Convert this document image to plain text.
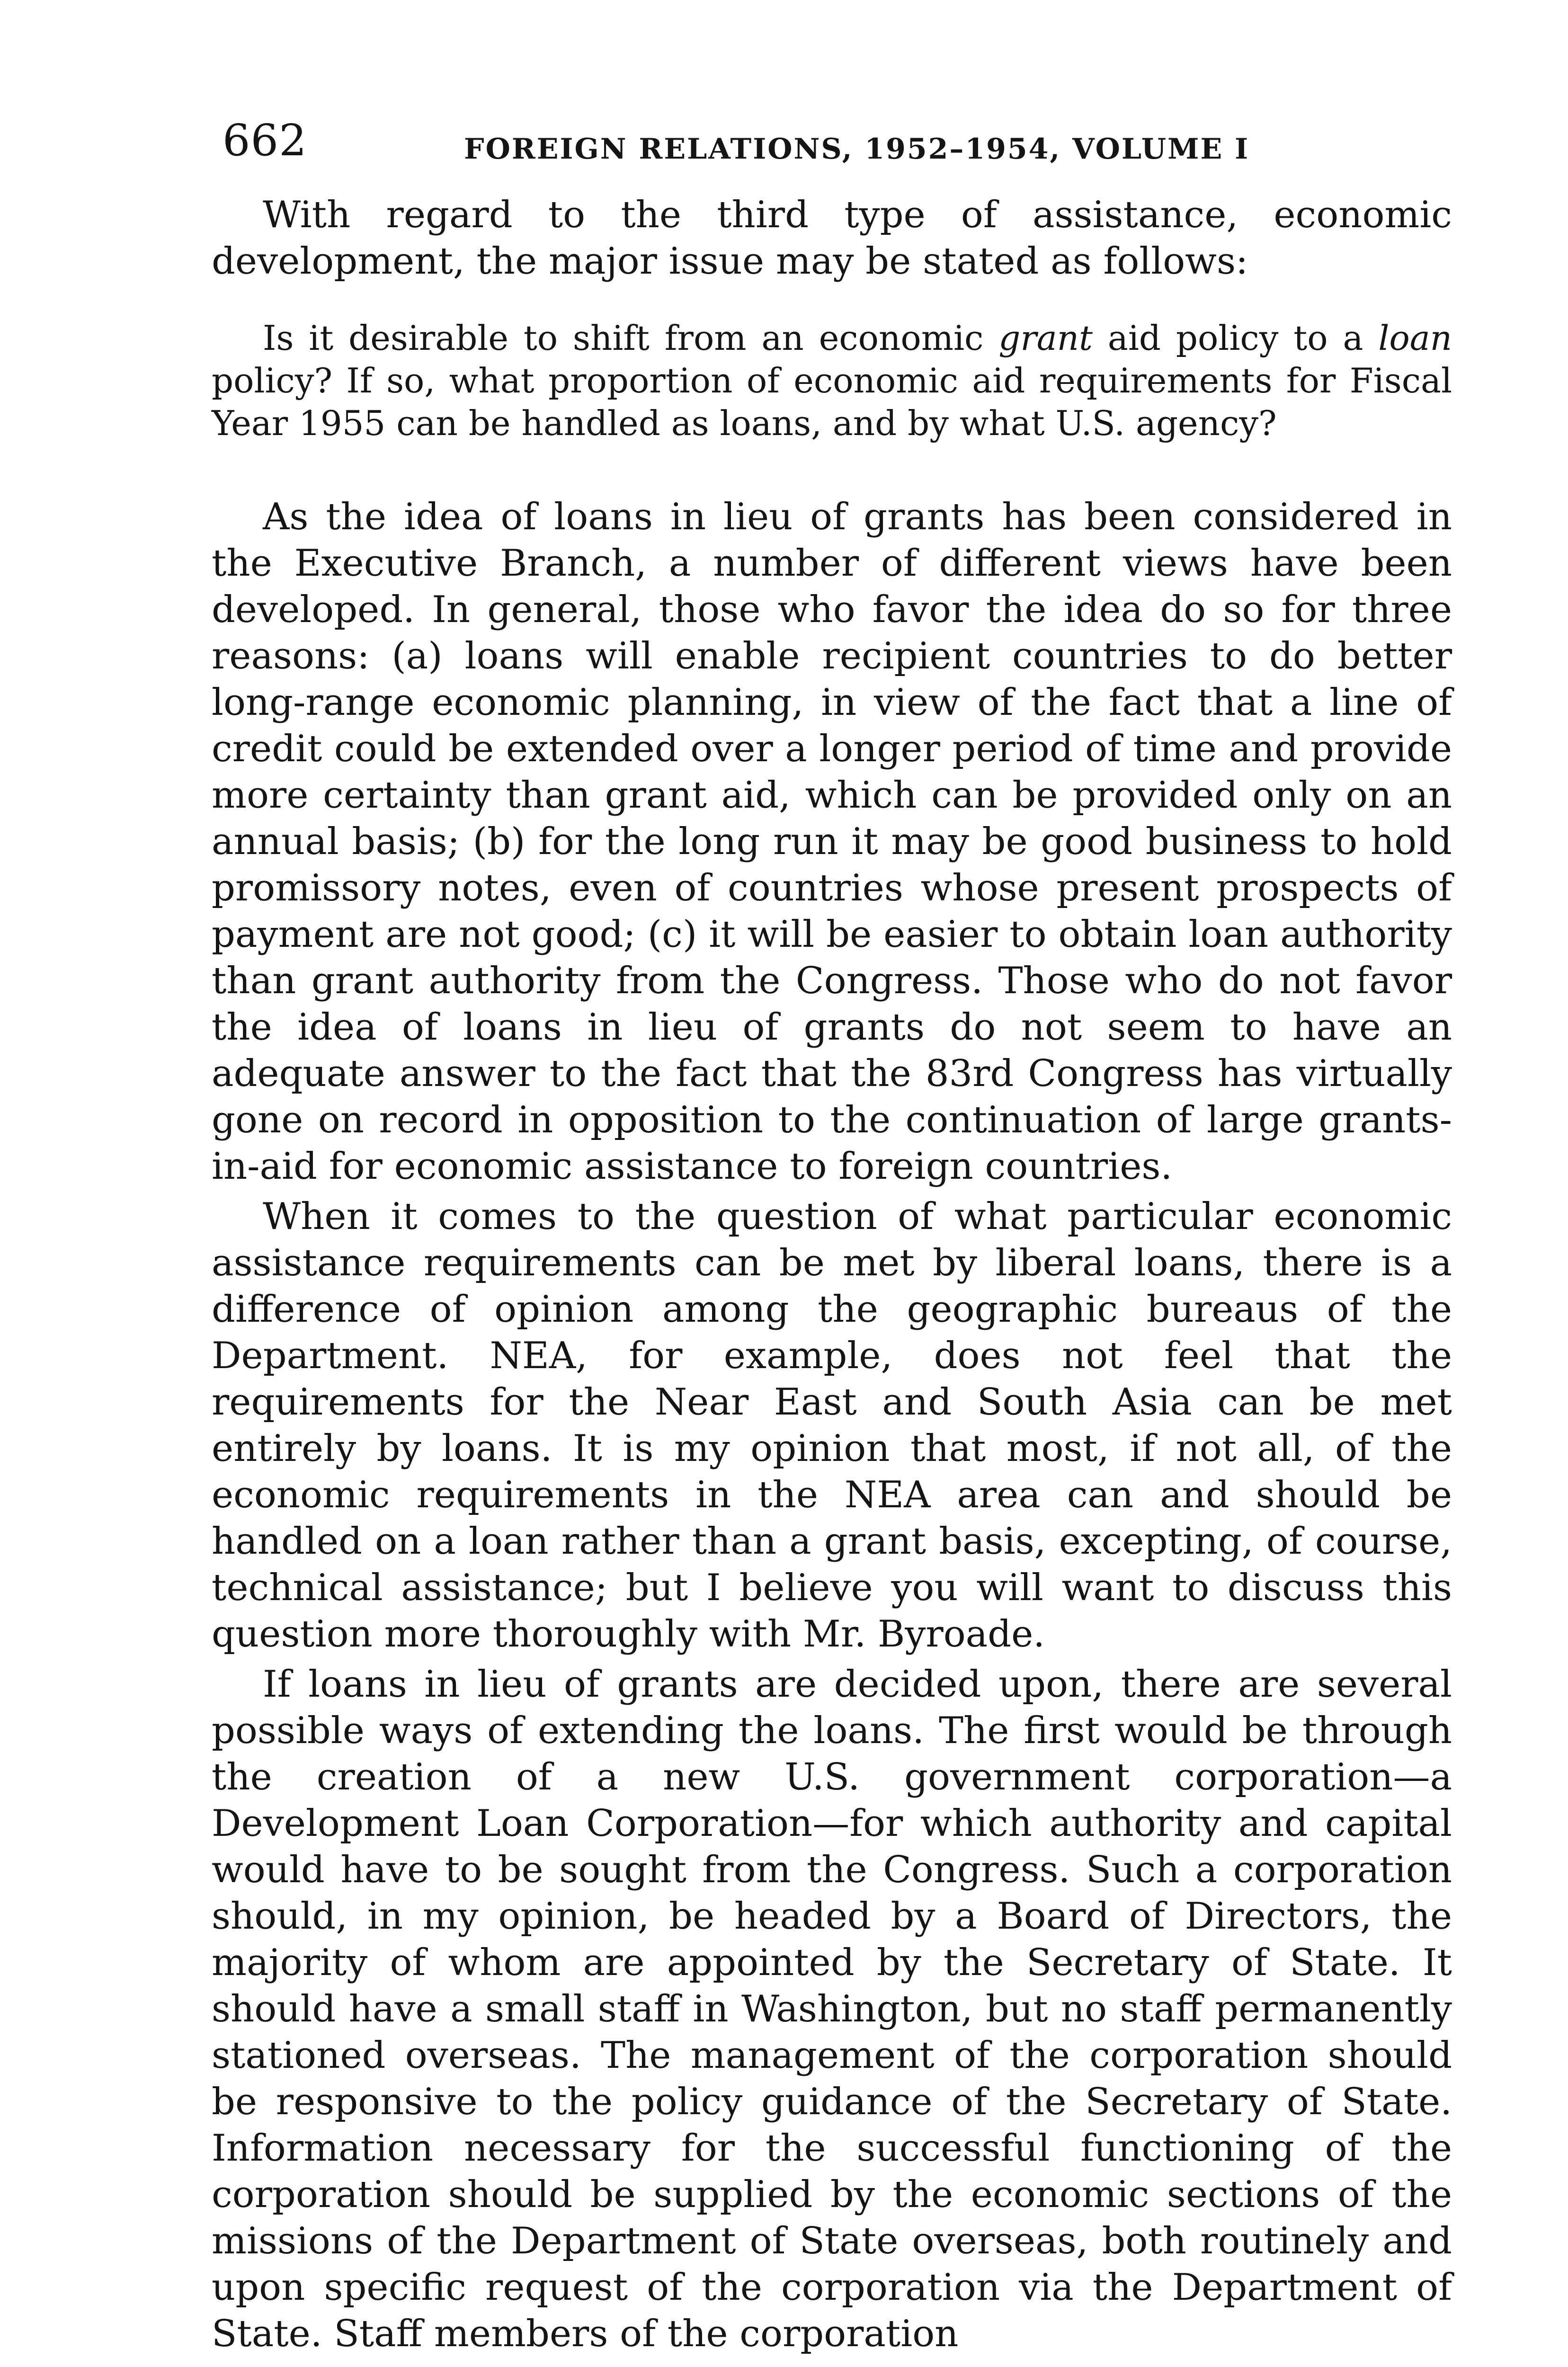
662	FOREIGN RELATIONS, 1952–1954, VOLUME I

With regard to the third type of assistance, economic development, the major issue may be stated as follows:

Is it desirable to shift from an economic grant aid policy to a loan policy? If so, what proportion of economic aid requirements for Fiscal Year 1955 can be handled as loans, and by what U.S. agency?

As the idea of loans in lieu of grants has been considered in the Executive Branch, a number of different views have been developed. In general, those who favor the idea do so for three reasons: (a) loans will enable recipient countries to do better long-range economic planning, in view of the fact that a line of credit could be extended over a longer period of time and provide more certainty than grant aid, which can be provided only on an annual basis; (b) for the long run it may be good business to hold promissory notes, even of countries whose present prospects of payment are not good; (c) it will be easier to obtain loan authority than grant authority from the Congress. Those who do not favor the idea of loans in lieu of grants do not seem to have an adequate answer to the fact that the 83rd Congress has virtually gone on record in opposition to the continuation of large grants-in-aid for economic assistance to foreign countries.

When it comes to the question of what particular economic assistance requirements can be met by liberal loans, there is a difference of opinion among the geographic bureaus of the Department. NEA, for example, does not feel that the requirements for the Near East and South Asia can be met entirely by loans. It is my opinion that most, if not all, of the economic requirements in the NEA area can and should be handled on a loan rather than a grant basis, excepting, of course, technical assistance; but I believe you will want to discuss this question more thoroughly with Mr. Byroade.

If loans in lieu of grants are decided upon, there are several possible ways of extending the loans. The first would be through the creation of a new U.S. government corporation—a Development Loan Corporation—for which authority and capital would have to be sought from the Congress. Such a corporation should, in my opinion, be headed by a Board of Directors, the majority of whom are appointed by the Secretary of State. It should have a small staff in Washington, but no staff permanently stationed overseas. The management of the corporation should be responsive to the policy guidance of the Secretary of State. Information necessary for the successful functioning of the corporation should be supplied by the economic sections of the missions of the Department of State overseas, both routinely and upon specific request of the corporation via the Department of State. Staff members of the corporation
